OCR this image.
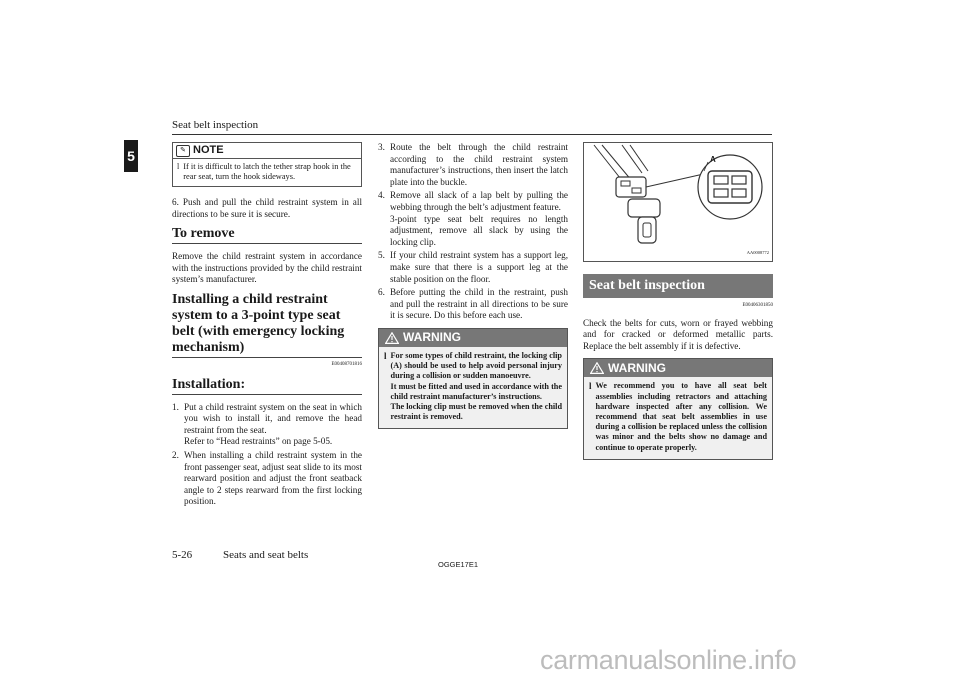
Seat belt inspection
5	✎ NOTE
l If it is difficult to latch the tether strap hook in the rear seat, turn the hook sideways.

6. Push and pull the child restraint system in all directions to be sure it is secure.

To remove

Remove the child restraint system in accordance with the instructions provided by the child restraint system’s manufacturer.

Installing a child restraint system to a 3-point type seat belt (with emergency locking mechanism)
E00408701816
Installation:
1. Put a child restraint system on the seat in which you wish to install it, and remove the head restraint from the seat.
Refer to “Head restraints” on page 5-05.
2. When installing a child restraint system in the front passenger seat, adjust seat slide to its most rearward position and adjust the front seatback angle to 2 steps rearward from the first locking position.
3. Route the belt through the child restraint according to the child restraint system manufacturer’s instructions, then insert the latch plate into the buckle.
4. Remove all slack of a lap belt by pulling the webbing through the belt’s adjustment feature.
3-point type seat belt requires no length adjustment, remove all slack by using the locking clip.
5. If your child restraint system has a support leg, make sure that there is a support leg at the stable position on the floor.
6. Before putting the child in the restraint, push and pull the restraint in all directions to be sure it is secure. Do this before each use.
WARNING
l For some types of child restraint, the locking clip (A) should be used to help avoid personal injury during a collision or sudden manoeuvre.
It must be fitted and used in accordance with the child restraint manufacturer’s instructions.
The locking clip must be removed when the child restraint is removed.
A
AA0008772
Seat belt inspection
E00406301850

Check the belts for cuts, worn or frayed webbing and for cracked or deformed metallic parts. Replace the belt assembly if it is defective.

WARNING
l We recommend you to have all seat belt assemblies including retractors and attaching hardware inspected after any collision. We recommend that seat belt assemblies in use during a collision be replaced unless the collision was minor and the belts show no damage and continue to operate properly.
5-26	Seats and seat belts
OGGE17E1
carmanualsonline.info
